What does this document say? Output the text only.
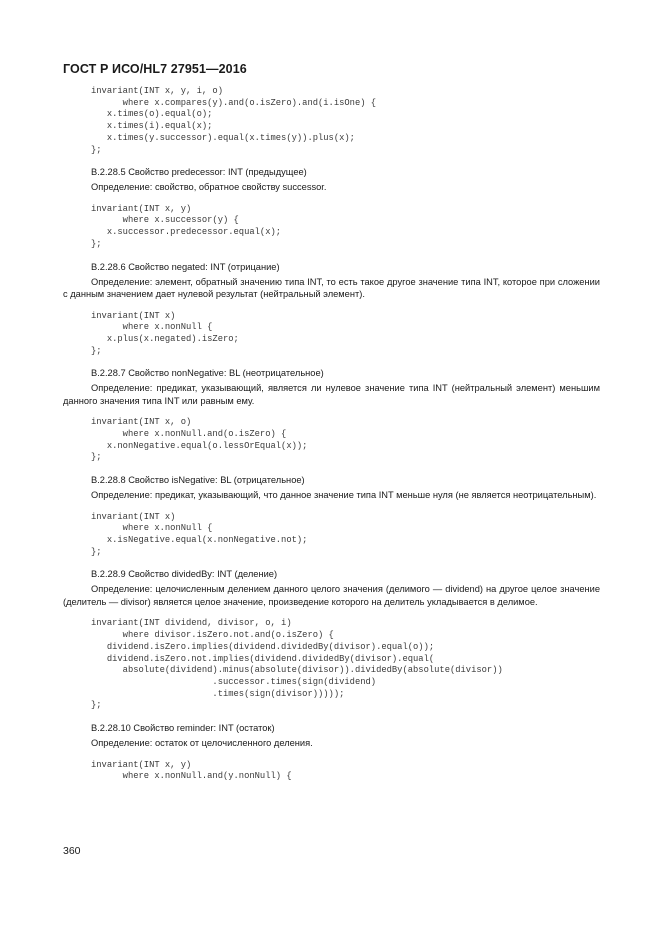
ГОСТ Р ИСО/HL7 27951—2016
invariant(INT x, y, i, o)
where x.compares(y).and(o.isZero).and(i.isOne) {
x.times(o).equal(o);
x.times(i).equal(x);
x.times(y.successor).equal(x.times(y)).plus(x);
};
B.2.28.5 Свойство predecessor: INT (предыдущее)
Определение: свойство, обратное свойству successor.
invariant(INT x, y)
where x.successor(y) {
x.successor.predecessor.equal(x);
};
B.2.28.6 Свойство negated: INT (отрицание)
Определение: элемент, обратный значению типа INT, то есть такое другое значение типа INT, которое при сложении с данным значением дает нулевой результат (нейтральный элемент).
invariant(INT x)
where x.nonNull {
x.plus(x.negated).isZero;
};
B.2.28.7 Свойство nonNegative: BL (неотрицательное)
Определение: предикат, указывающий, является ли нулевое значение типа INT (нейтральный элемент) меньшим данного значения типа INT или равным ему.
invariant(INT x, o)
where x.nonNull.and(o.isZero) {
x.nonNegative.equal(o.lessOrEqual(x));
};
B.2.28.8 Свойство isNegative: BL (отрицательное)
Определение: предикат, указывающий, что данное значение типа INT меньше нуля (не является неотрицательным).
invariant(INT x)
where x.nonNull {
x.isNegative.equal(x.nonNegative.not);
};
B.2.28.9 Свойство dividedBy: INT (деление)
Определение: целочисленным делением данного целого значения (делимого — dividend) на другое целое значение (делитель — divisor) является целое значение, произведение которого на делитель укладывается в делимое.
invariant(INT dividend, divisor, o, i)
where divisor.isZero.not.and(o.isZero) {
dividend.isZero.implies(dividend.dividedBy(divisor).equal(o));
dividend.isZero.not.implies(dividend.dividedBy(divisor).equal(
absolute(dividend).minus(absolute(divisor)).dividedBy(absolute(divisor))
.successor.times(sign(dividend)
.times(sign(divisor)))));
};
B.2.28.10 Свойство reminder: INT (остаток)
Определение: остаток от целочисленного деления.
invariant(INT x, y)
where x.nonNull.and(y.nonNull) {
360
